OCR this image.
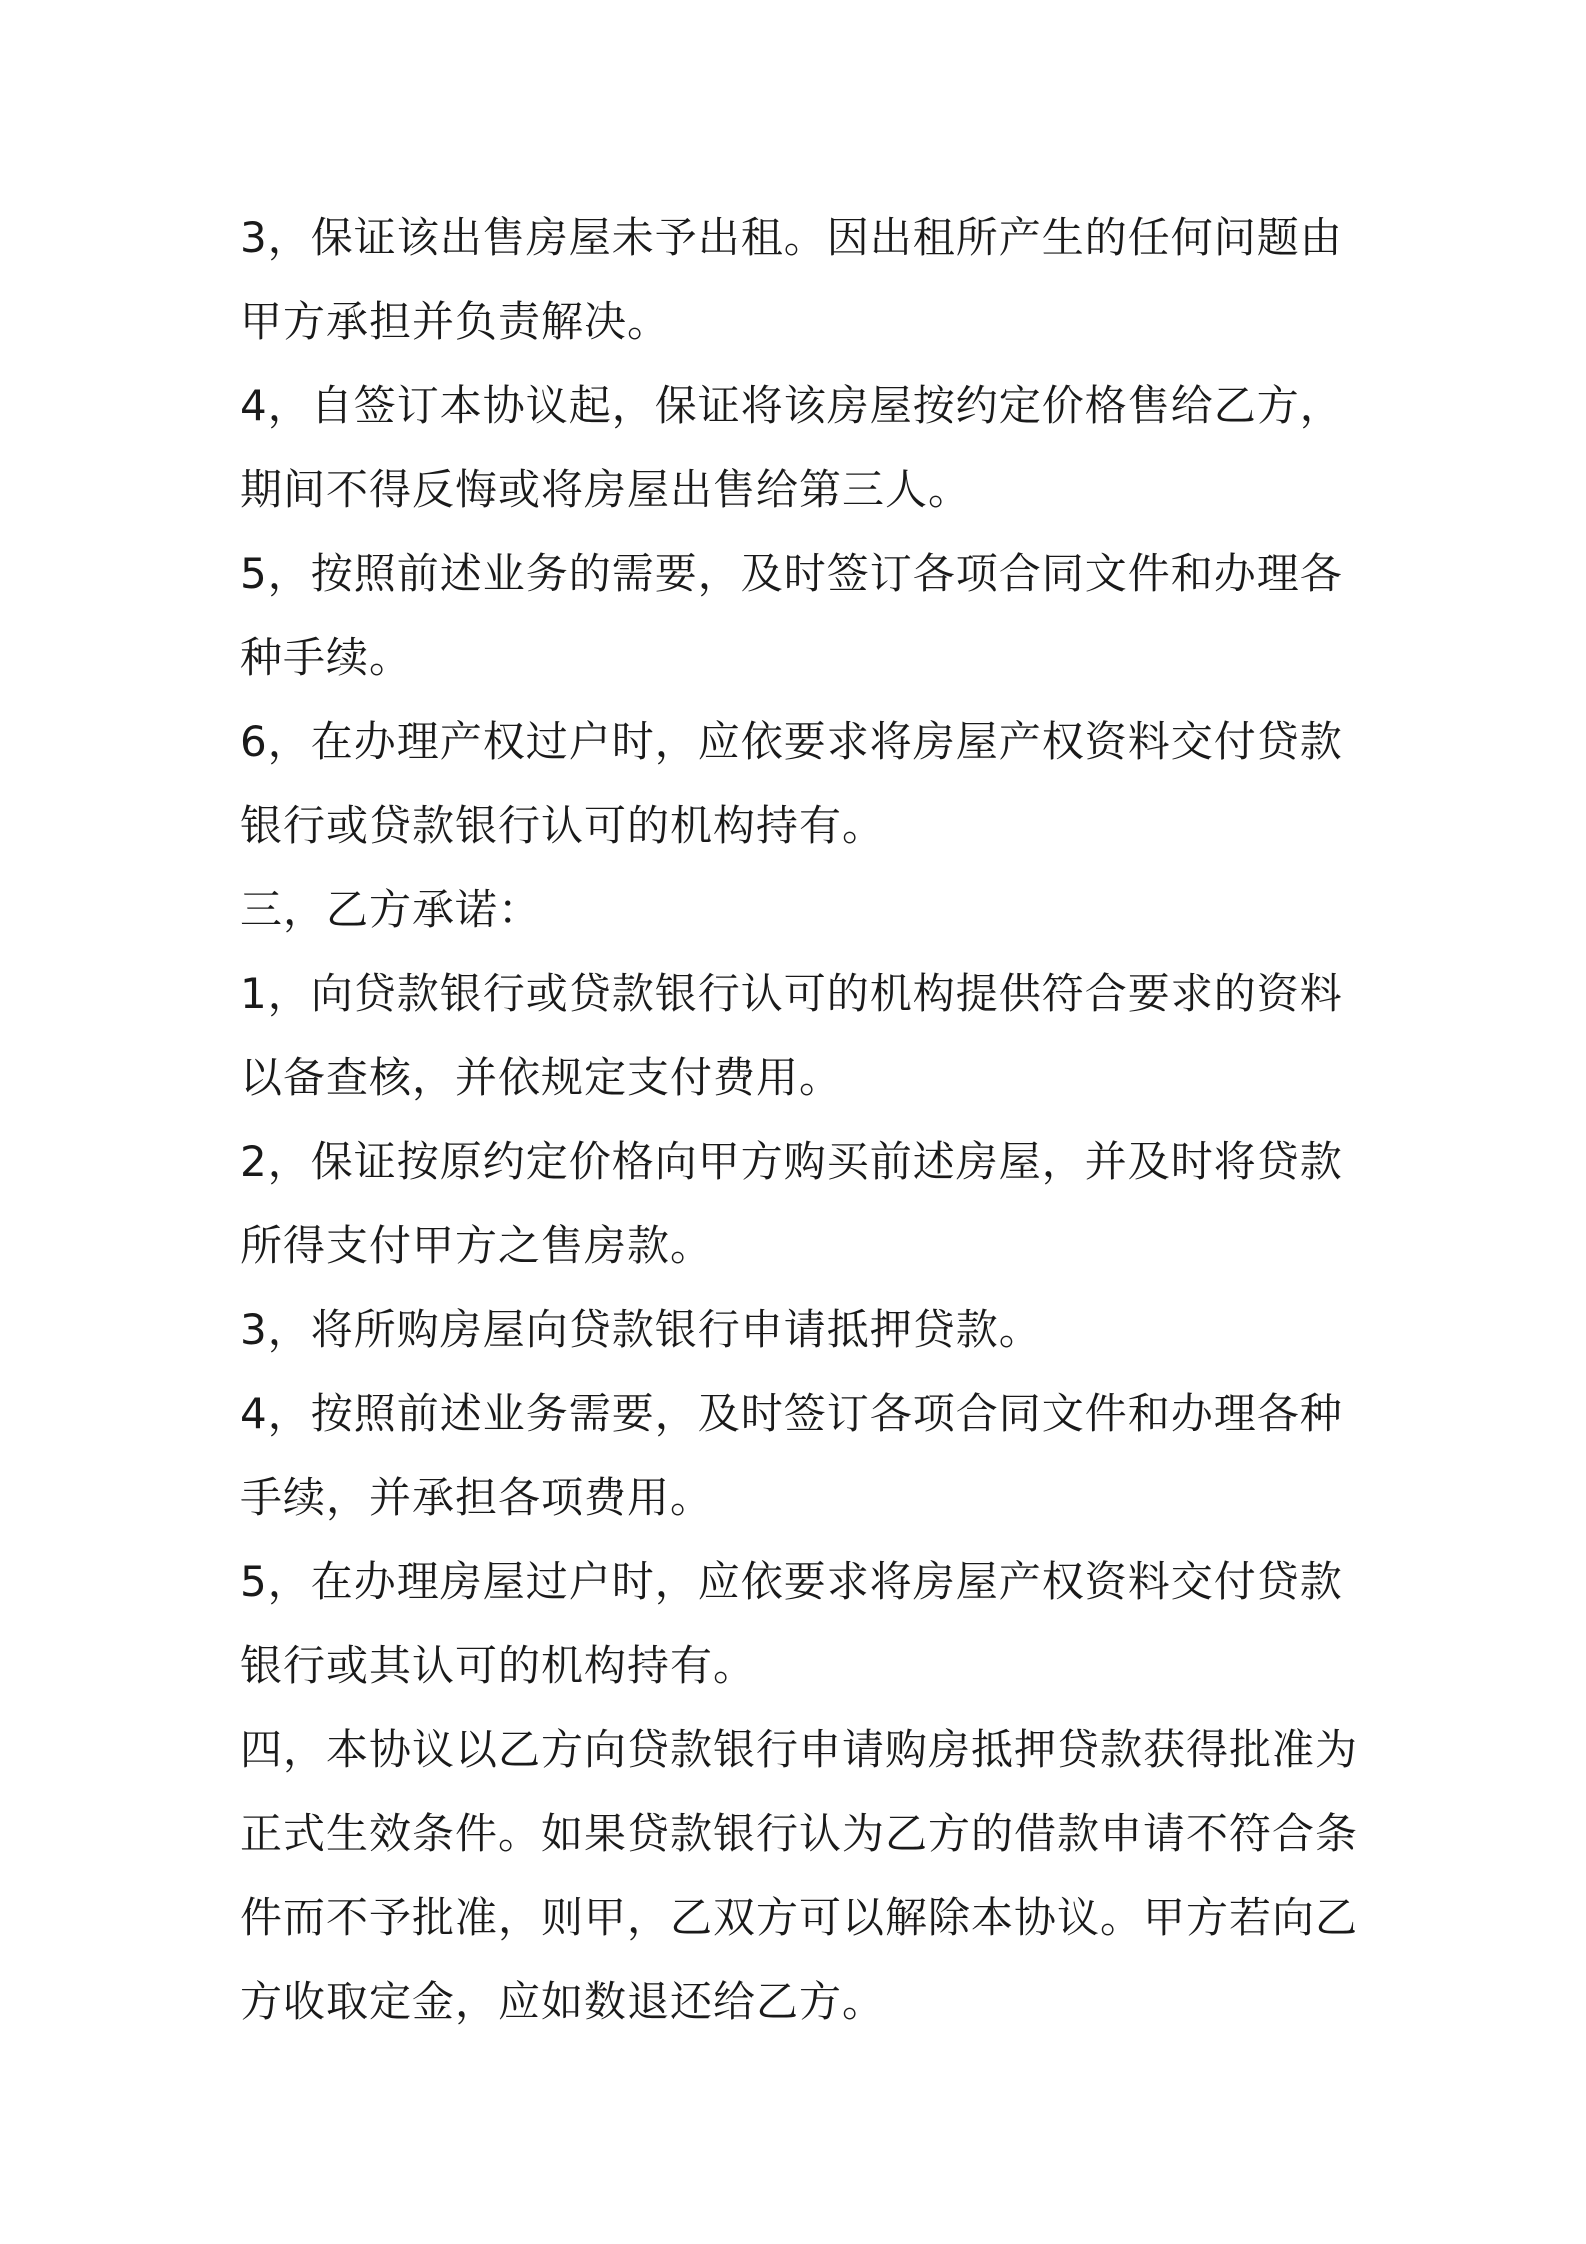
3，保证该出售房屋未予出租。因出租所产生的任何问题由甲方承担并负责解决。

4，自签订本协议起，保证将该房屋按约定价格售给乙方，期间不得反悔或将房屋出售给第三人。

5，按照前述业务的需要，及时签订各项合同文件和办理各种手续。

6，在办理产权过户时，应依要求将房屋产权资料交付贷款银行或贷款银行认可的机构持有。

三，乙方承诺：

1，向贷款银行或贷款银行认可的机构提供符合要求的资料以备查核，并依规定支付费用。

2，保证按原约定价格向甲方购买前述房屋，并及时将贷款所得支付甲方之售房款。

3，将所购房屋向贷款银行申请抵押贷款。

4，按照前述业务需要，及时签订各项合同文件和办理各种手续，并承担各项费用。

5，在办理房屋过户时，应依要求将房屋产权资料交付贷款银行或其认可的机构持有。

四，本协议以乙方向贷款银行申请购房抵押贷款获得批准为正式生效条件。如果贷款银行认为乙方的借款申请不符合条件而不予批准，则甲，乙双方可以解除本协议。甲方若向乙方收取定金，应如数退还给乙方。
